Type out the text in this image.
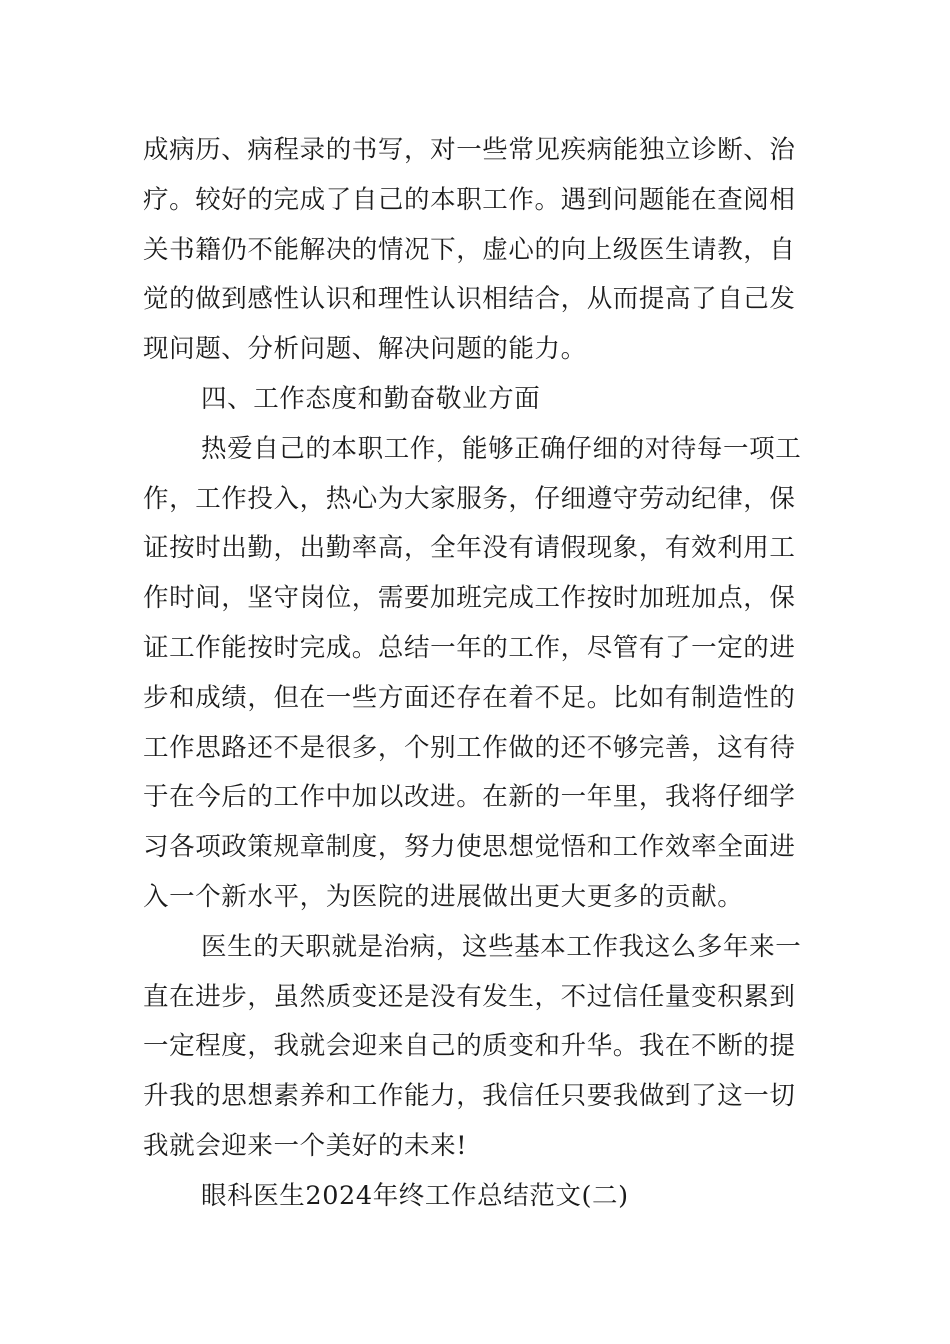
成病历、病程录的书写，对一些常见疾病能独立诊断、治
疗。较好的完成了自己的本职工作。遇到问题能在查阅相
关书籍仍不能解决的情况下，虚心的向上级医生请教，自
觉的做到感性认识和理性认识相结合，从而提高了自己发
现问题、分析问题、解决问题的能力。
四、工作态度和勤奋敬业方面
热爱自己的本职工作，能够正确仔细的对待每一项工
作，工作投入，热心为大家服务，仔细遵守劳动纪律，保
证按时出勤，出勤率高，全年没有请假现象，有效利用工
作时间，坚守岗位，需要加班完成工作按时加班加点，保
证工作能按时完成。总结一年的工作，尽管有了一定的进
步和成绩，但在一些方面还存在着不足。比如有制造性的
工作思路还不是很多，个别工作做的还不够完善，这有待
于在今后的工作中加以改进。在新的一年里，我将仔细学
习各项政策规章制度，努力使思想觉悟和工作效率全面进
入一个新水平，为医院的进展做出更大更多的贡献。
医生的天职就是治病，这些基本工作我这么多年来一
直在进步，虽然质变还是没有发生，不过信任量变积累到
一定程度，我就会迎来自己的质变和升华。我在不断的提
升我的思想素养和工作能力，我信任只要我做到了这一切
我就会迎来一个美好的未来!
眼科医生2024年终工作总结范文(二)
